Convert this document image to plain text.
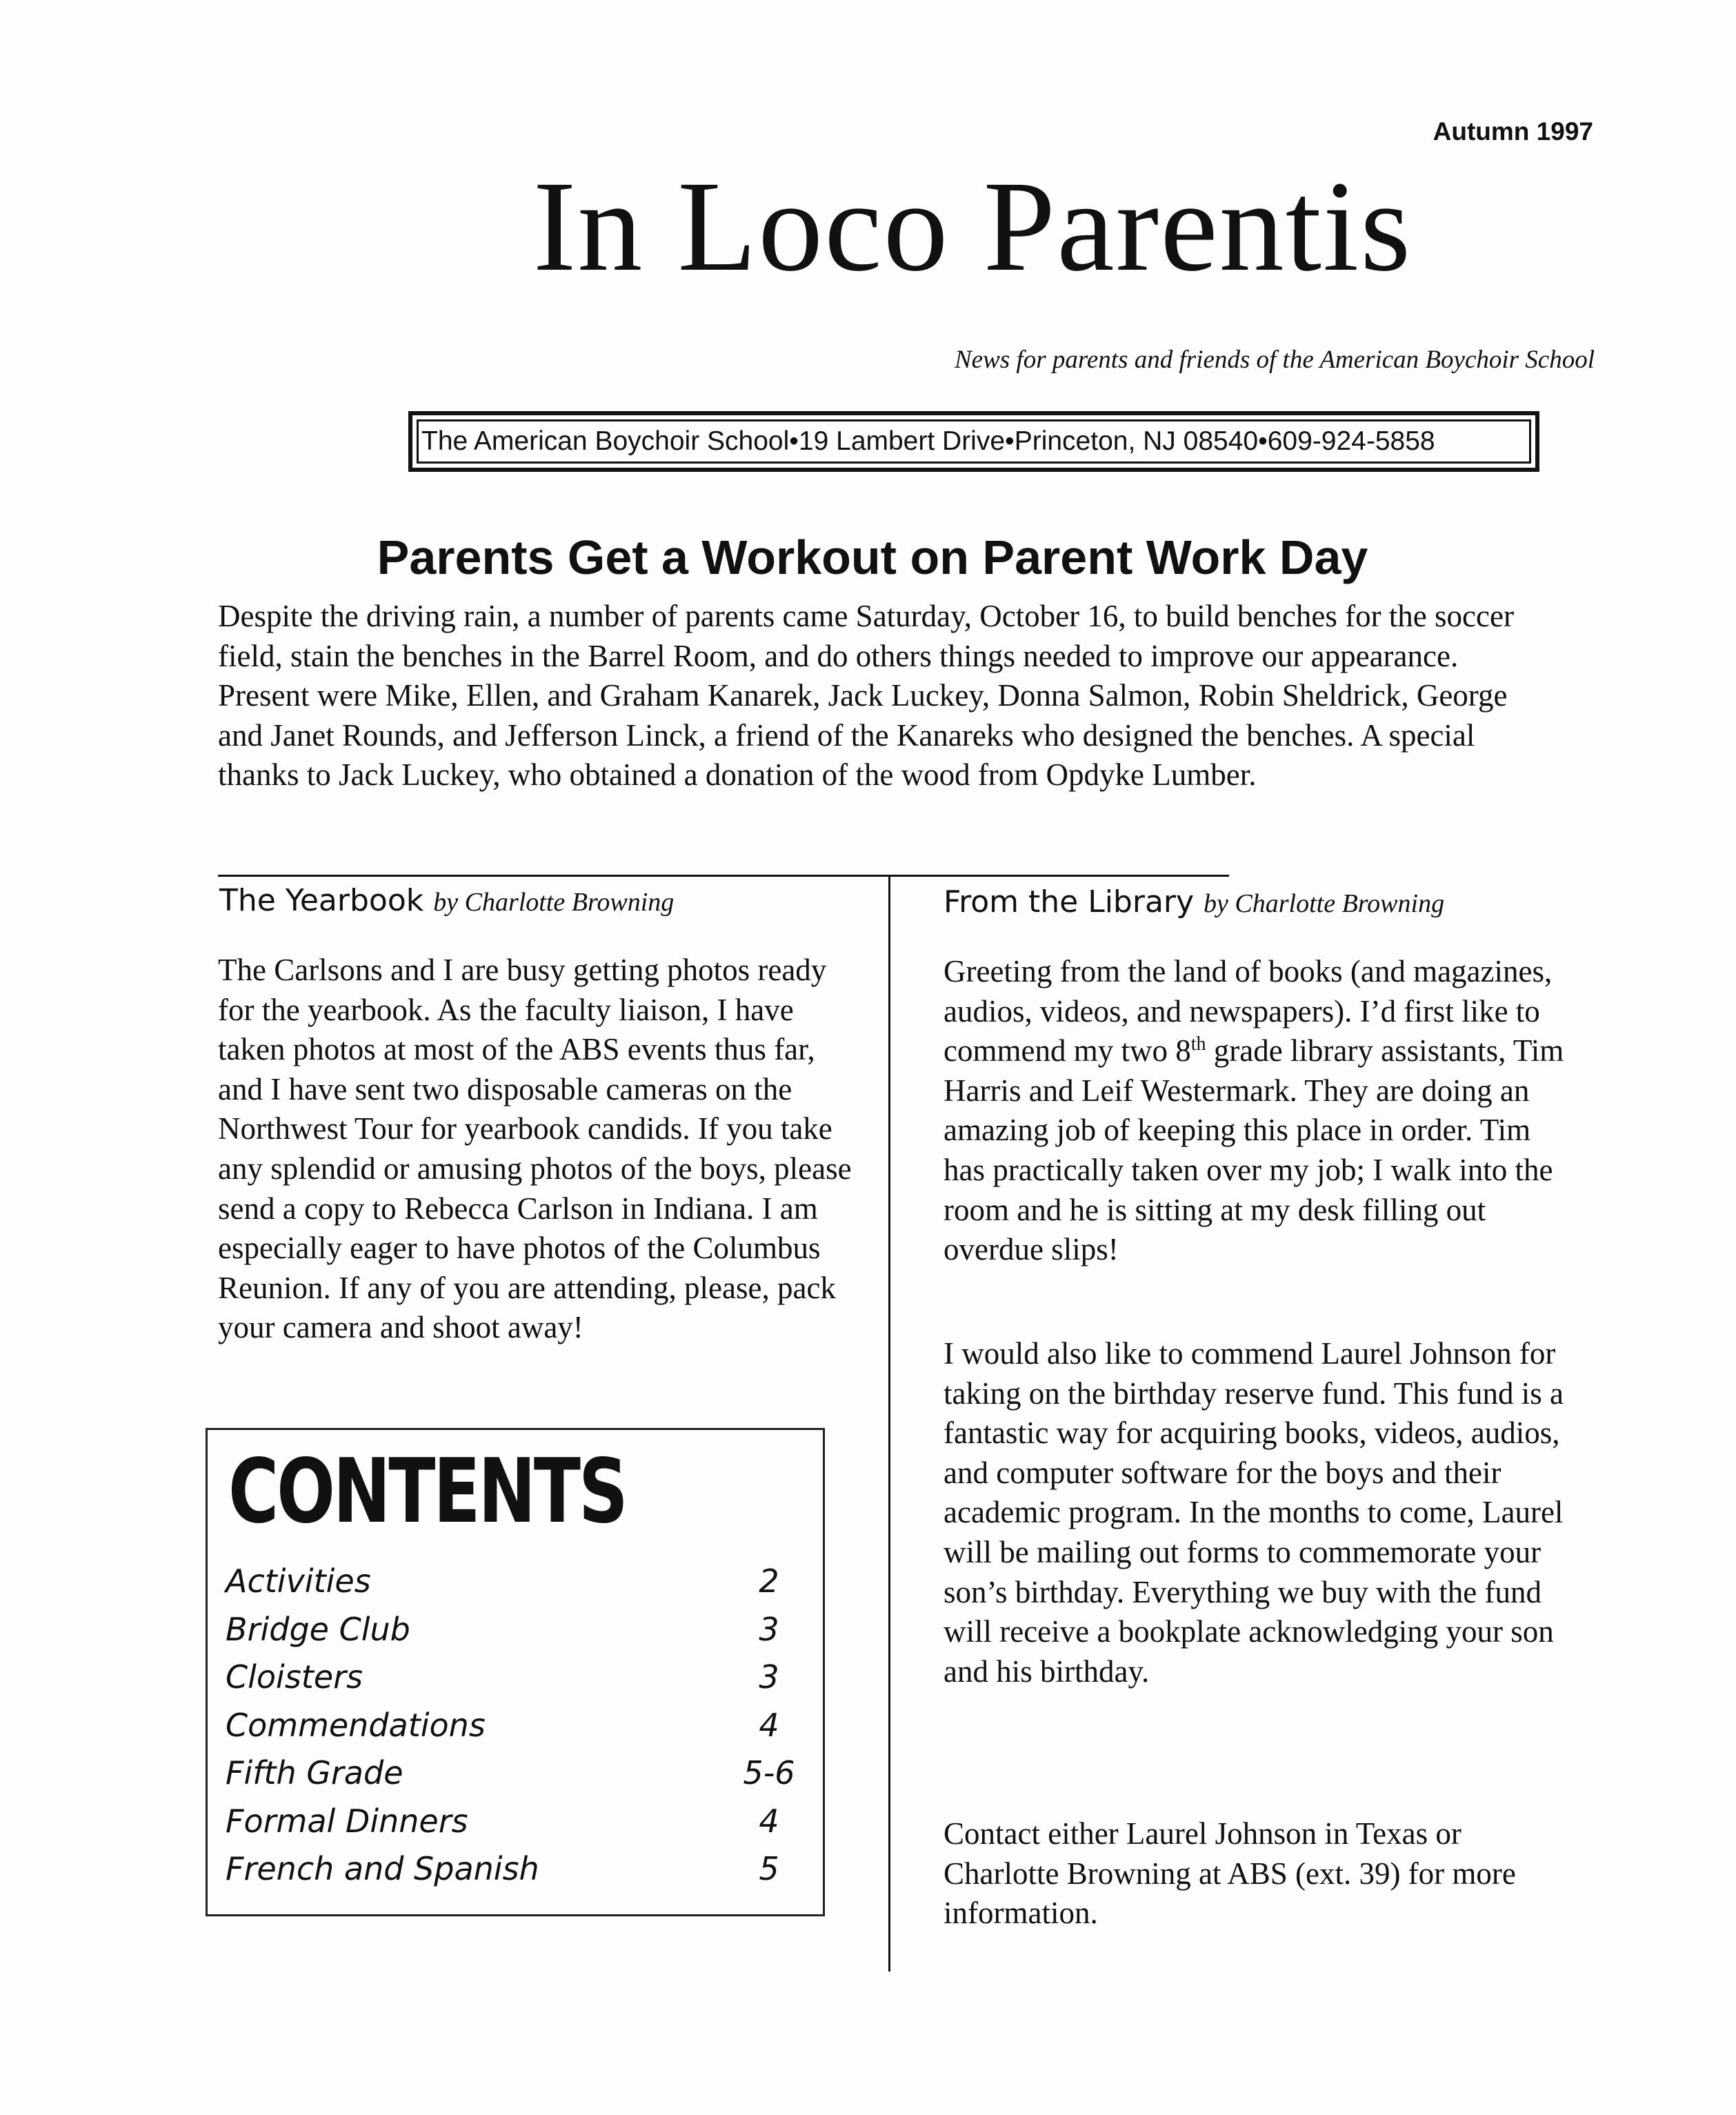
Autumn 1997
In Loco Parentis
News for parents and friends of the American Boychoir School
The American Boychoir School•19 Lambert Drive•Princeton, NJ 08540•609-924-5858
Parents Get a Workout on Parent Work Day

Despite the driving rain, a number of parents came Saturday, October 16, to build benches for the soccer field, stain the benches in the Barrel Room, and do others things needed to improve our appearance. Present were Mike, Ellen, and Graham Kanarek, Jack Luckey, Donna Salmon, Robin Sheldrick, George and Janet Rounds, and Jefferson Linck, a friend of the Kanareks who designed the benches. A special thanks to Jack Luckey, who obtained a donation of the wood from Opdyke Lumber.

The Yearbook by Charlotte Browning

The Carlsons and I are busy getting photos ready for the yearbook. As the faculty liaison, I have taken photos at most of the ABS events thus far, and I have sent two disposable cameras on the Northwest Tour for yearbook candids. If you take any splendid or amusing photos of the boys, please send a copy to Rebecca Carlson in Indiana. I am especially eager to have photos of the Columbus Reunion. If any of you are attending, please, pack your camera and shoot away!

From the Library by Charlotte Browning

Greeting from the land of books (and magazines, audios, videos, and newspapers). I’d first like to commend my two 8th grade library assistants, Tim Harris and Leif Westermark. They are doing an amazing job of keeping this place in order. Tim has practically taken over my job; I walk into the room and he is sitting at my desk filling out overdue slips!

I would also like to commend Laurel Johnson for taking on the birthday reserve fund. This fund is a fantastic way for acquiring books, videos, audios, and computer software for the boys and their academic program. In the months to come, Laurel will be mailing out forms to commemorate your son’s birthday. Everything we buy with the fund will receive a bookplate acknowledging your son and his birthday.

Contact either Laurel Johnson in Texas or Charlotte Browning at ABS (ext. 39) for more information.

CONTENTS
Activities	2
Bridge Club	3
Cloisters	3
Commendations	4
Fifth Grade	5-6
Formal Dinners	4
French and Spanish	5
